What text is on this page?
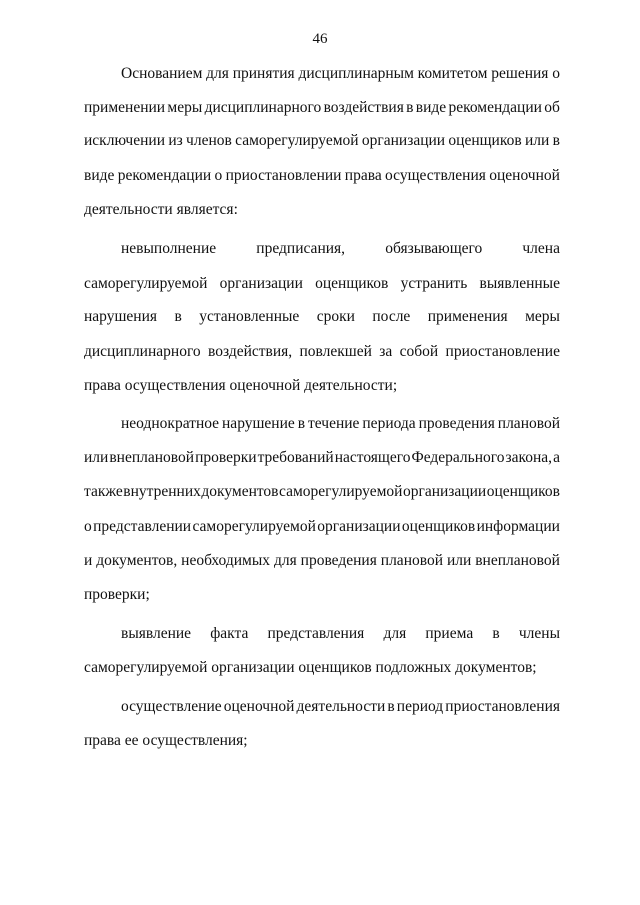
46
Основанием для принятия дисциплинарным комитетом решения о
применении меры дисциплинарного воздействия в виде рекомендации об
исключении из членов саморегулируемой организации оценщиков или в
виде рекомендации о приостановлении права осуществления оценочной
деятельности является:
невыполнение	предписания,	обязывающего	члена
саморегулируемой организации оценщиков устранить выявленные
нарушения в установленные сроки после применения меры
дисциплинарного воздействия, повлекшей за собой приостановление
права осуществления оценочной деятельности;
неоднократное нарушение в течение периода проведения плановой
или внеплановой проверки требований настоящего Федерального закона, а
также внутренних документов саморегулируемой организации оценщиков
о представлении саморегулируемой организации оценщиков информации
и документов, необходимых для проведения плановой или внеплановой
проверки;
выявление факта представления для приема в члены
саморегулируемой организации оценщиков подложных документов;
осуществление оценочной деятельности в период приостановления
права ее осуществления;
